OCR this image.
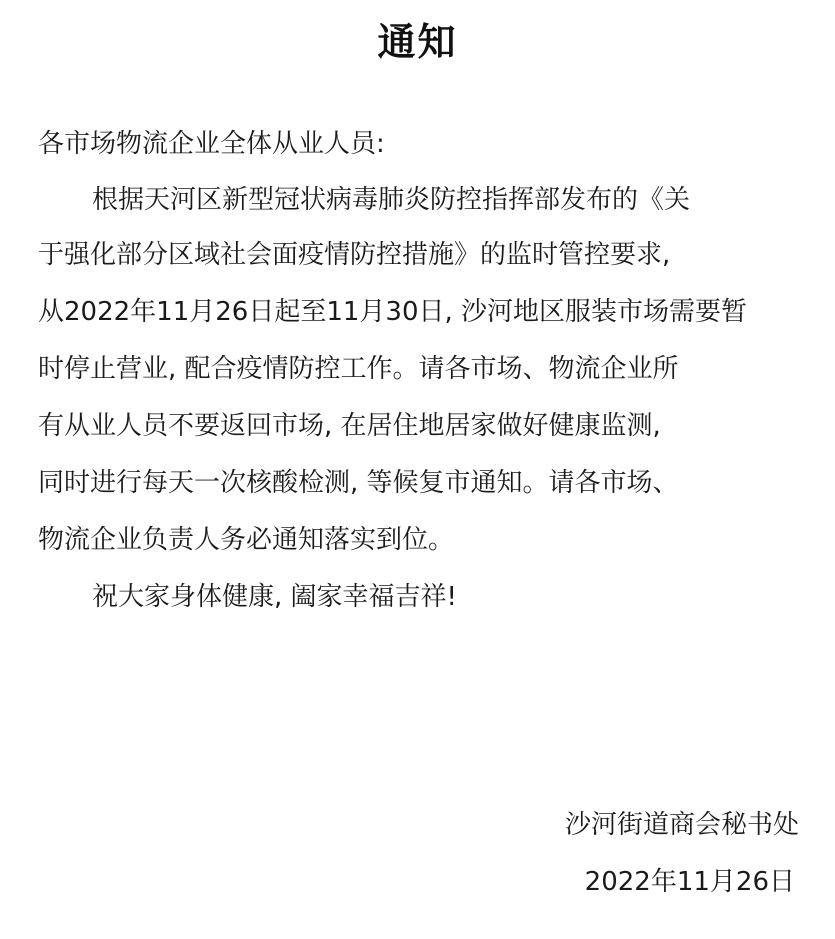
通知
各市场物流企业全体从业人员:
根据天河区新型冠状病毒肺炎防控指挥部发布的《关
于强化部分区域社会面疫情防控措施》的监时管控要求,
从2022年11月26日起至11月30日, 沙河地区服装市场需要暂
时停止营业, 配合疫情防控工作。请各市场、物流企业所
有从业人员不要返回市场, 在居住地居家做好健康监测,
同时进行每天一次核酸检测, 等候复市通知。请各市场、
物流企业负责人务必通知落实到位。
祝大家身体健康, 阖家幸福吉祥!
沙河街道商会秘书处
2022年11月26日
